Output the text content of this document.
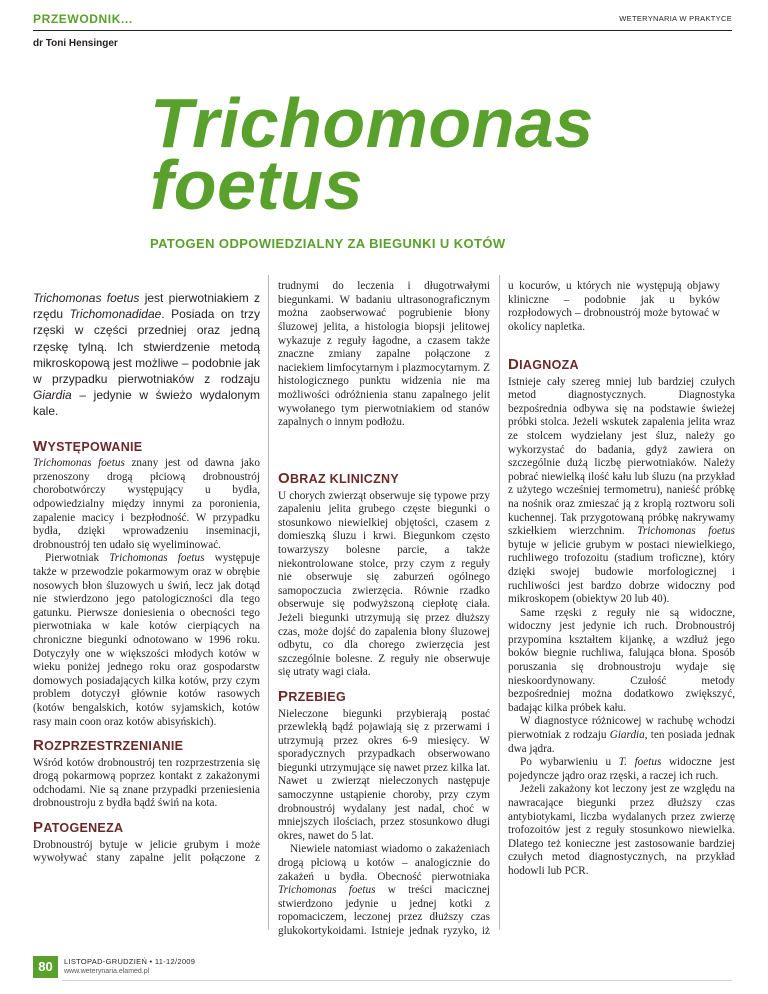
PRZEWODNIK...	WETERYNARIA W PRAKTYCE
dr Toni Hensinger
Trichomonas
foetus
PATOGEN ODPOWIEDZIALNY ZA BIEGUNKI U KOTÓW
Trichomonas foetus jest pierwotniakiem z rzędu Trichomonadidae. Posiada on trzy rzęski w części przedniej oraz jedną rzęskę tylną. Ich stwierdzenie metodą mikroskopową jest możliwe – podobnie jak w przypadku pierwotniaków z rodzaju Giardia – jedynie w świeżo wydalonym kale.
WYSTĘPOWANIE

Trichomonas foetus znany jest od dawna jako przenoszony drogą płciową drobnoustrój chorobotwórczy występujący u bydła, odpowiedzialny między innymi za poronienia, zapalenie macicy i bezpłodność. W przypadku bydła, dzięki wprowadzeniu inseminacji, drobnoustrój ten udało się wyeliminować.

Pierwotniak Trichomonas foetus występuje także w przewodzie pokarmowym oraz w obrębie nosowych błon śluzowych u świń, lecz jak dotąd nie stwierdzono jego patologiczności dla tego gatunku. Pierwsze doniesienia o obecności tego pierwotniaka w kale kotów cierpiących na chroniczne biegunki odnotowano w 1996 roku. Dotyczyły one w większości młodych kotów w wieku poniżej jednego roku oraz gospodarstw domowych posiadających kilka kotów, przy czym problem dotyczył głównie kotów rasowych (kotów bengalskich, kotów syjamskich, kotów rasy main coon oraz kotów abisyńskich).

ROZPRZESTRZENIANIE

Wśród kotów drobnoustrój ten rozprzestrzenia się drogą pokarmową poprzez kontakt z zakażonymi odchodami. Nie są znane przypadki przeniesienia drobnoustroju z bydła bądź świń na kota.

PATOGENEZA

Drobnoustrój bytuje w jelicie grubym i może wywoływać stany zapalne jelit połączone z

trudnymi do leczenia i długotrwałymi biegunkami. W badaniu ultrasonograficznym można zaobserwować pogrubienie błony śluzowej jelita, a histologia biopsji jelitowej wykazuje z reguły łagodne, a czasem także znaczne zmiany zapalne połączone z naciekiem limfocytarnym i plazmocytarnym. Z histologicznego punktu widzenia nie ma możliwości odróżnienia stanu zapalnego jelit wywołanego tym pierwotniakiem od stanów zapalnych o innym podłożu.

OBRAZ KLINICZNY

U chorych zwierząt obserwuje się typowe przy zapaleniu jelita grubego częste biegunki o stosunkowo niewielkiej objętości, czasem z domieszką śluzu i krwi. Biegunkom często towarzyszy bolesne parcie, a także niekontrolowane stolce, przy czym z reguły nie obserwuje się zaburzeń ogólnego samopoczucia zwierzęcia. Równie rzadko obserwuje się podwyższoną ciepłotę ciała. Jeżeli biegunki utrzymują się przez dłuższy czas, może dojść do zapalenia błony śluzowej odbytu, co dla chorego zwierzęcia jest szczególnie bolesne. Z reguły nie obserwuje się utraty wagi ciała.

PRZEBIEG

Nieleczone biegunki przybierają postać przewlekłą bądź pojawiają się z przerwami i utrzymują przez okres 6-9 miesięcy. W sporadycznych przypadkach obserwowano biegunki utrzymujące się nawet przez kilka lat. Nawet u zwierząt nieleczonych następuje samoczynne ustąpienie choroby, przy czym drobnoustrój wydalany jest nadal, choć w mniejszych ilościach, przez stosunkowo długi okres, nawet do 5 lat.

Niewiele natomiast wiadomo o zakażeniach drogą płciową u kotów – analogicznie do zakażeń u bydła. Obecność pierwotniaka Trichomonas foetus w treści macicznej stwierdzono jedynie u jednej kotki z ropomaciczem, leczonej przez dłuższy czas glukokortykoidami. Istnieje jednak ryzyko, iż

u kocurów, u których nie występują objawy kliniczne – podobnie jak u byków rozpłodowych – drobnoustrój może bytować w okolicy napletka.

DIAGNOZA

Istnieje cały szereg mniej lub bardziej czułych metod diagnostycznych. Diagnostyka bezpośrednia odbywa się na podstawie świeżej próbki stolca. Jeżeli wskutek zapalenia jelita wraz ze stolcem wydzielany jest śluz, należy go wykorzystać do badania, gdyż zawiera on szczególnie dużą liczbę pierwotniaków. Należy pobrać niewielką ilość kału lub śluzu (na przykład z użytego wcześniej termometru), nanieść próbkę na nośnik oraz zmieszać ją z kroplą roztworu soli kuchennej. Tak przygotowaną próbkę nakrywamy szkiełkiem wierzchnim. Trichomonas foetus bytuje w jelicie grubym w postaci niewielkiego, ruchliwego trofozoitu (stadium troficzne), który dzięki swojej budowie morfologicznej i ruchliwości jest bardzo dobrze widoczny pod mikroskopem (obiektyw 20 lub 40).

Same rzęski z reguły nie są widoczne, widoczny jest jedynie ich ruch. Drobnoustrój przypomina kształtem kijankę, a wzdłuż jego boków biegnie ruchliwa, falująca błona. Sposób poruszania się drobnoustroju wydaje się nieskoordynowany. Czułość metody bezpośredniej można dodatkowo zwiększyć, badając kilka próbek kału.

W diagnostyce różnicowej w rachubę wchodzi pierwotniak z rodzaju Giardia, ten posiada jednak dwa jądra.

Po wybarwieniu u T. foetus widoczne jest pojedyncze jądro oraz rzęski, a raczej ich ruch.

Jeżeli zakażony kot leczony jest ze względu na nawracające biegunki przez dłuższy czas antybiotykami, liczba wydalanych przez zwierzę trofozoitów jest z reguły stosunkowo niewielka. Dlatego też konieczne jest zastosowanie bardziej czułych metod diagnostycznych, na przykład hodowli lub PCR.

80	LISTOPAD-GRUDZIEŃ • 11-12/2009
www.weterynaria.elamed.pl
